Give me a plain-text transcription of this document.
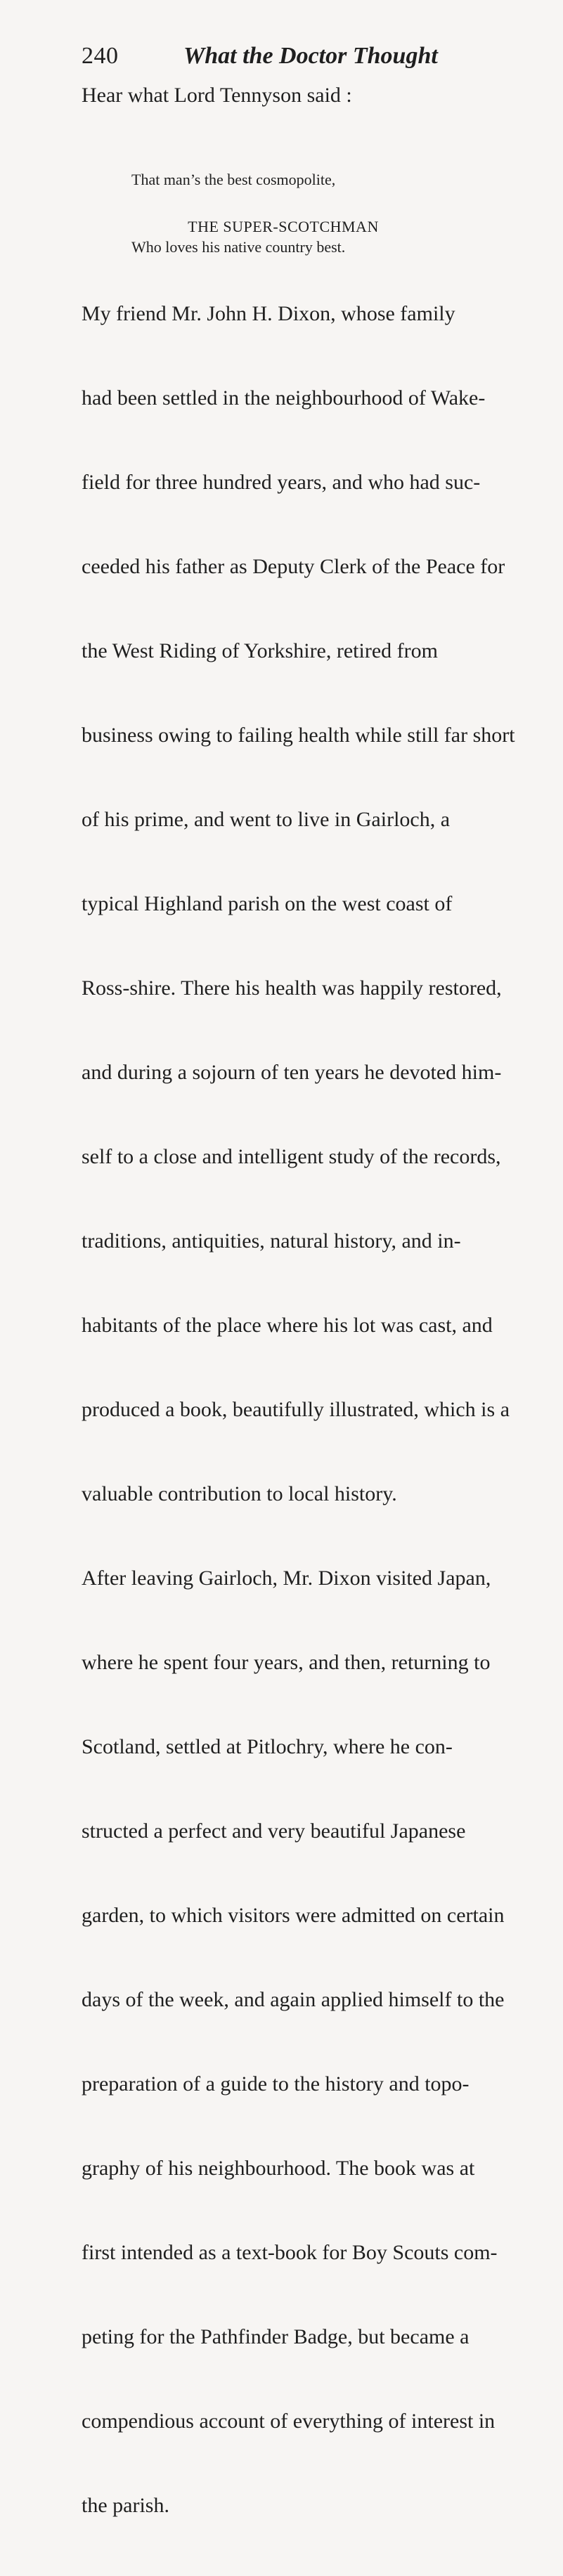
240	What the Doctor Thought
Hear what Lord Tennyson said :

That man’s the best cosmopolite,

Who loves his native country best.

THE SUPER-SCOTCHMAN

My friend Mr. John H. Dixon, whose family

had been settled in the neighbourhood of Wake-

field for three hundred years, and who had suc-

ceeded his father as Deputy Clerk of the Peace for

the West Riding of Yorkshire, retired from

business owing to failing health while still far short

of his prime, and went to live in Gairloch, a

typical Highland parish on the west coast of

Ross-shire. There his health was happily restored,

and during a sojourn of ten years he devoted him-

self to a close and intelligent study of the records,

traditions, antiquities, natural history, and in-

habitants of the place where his lot was cast, and

produced a book, beautifully illustrated, which is a

valuable contribution to local history.

After leaving Gairloch, Mr. Dixon visited Japan,

where he spent four years, and then, returning to

Scotland, settled at Pitlochry, where he con-

structed a perfect and very beautiful Japanese

garden, to which visitors were admitted on certain

days of the week, and again applied himself to the

preparation of a guide to the history and topo-

graphy of his neighbourhood. The book was at

first intended as a text-book for Boy Scouts com-

peting for the Pathfinder Badge, but became a

compendious account of everything of interest in

the parish.
